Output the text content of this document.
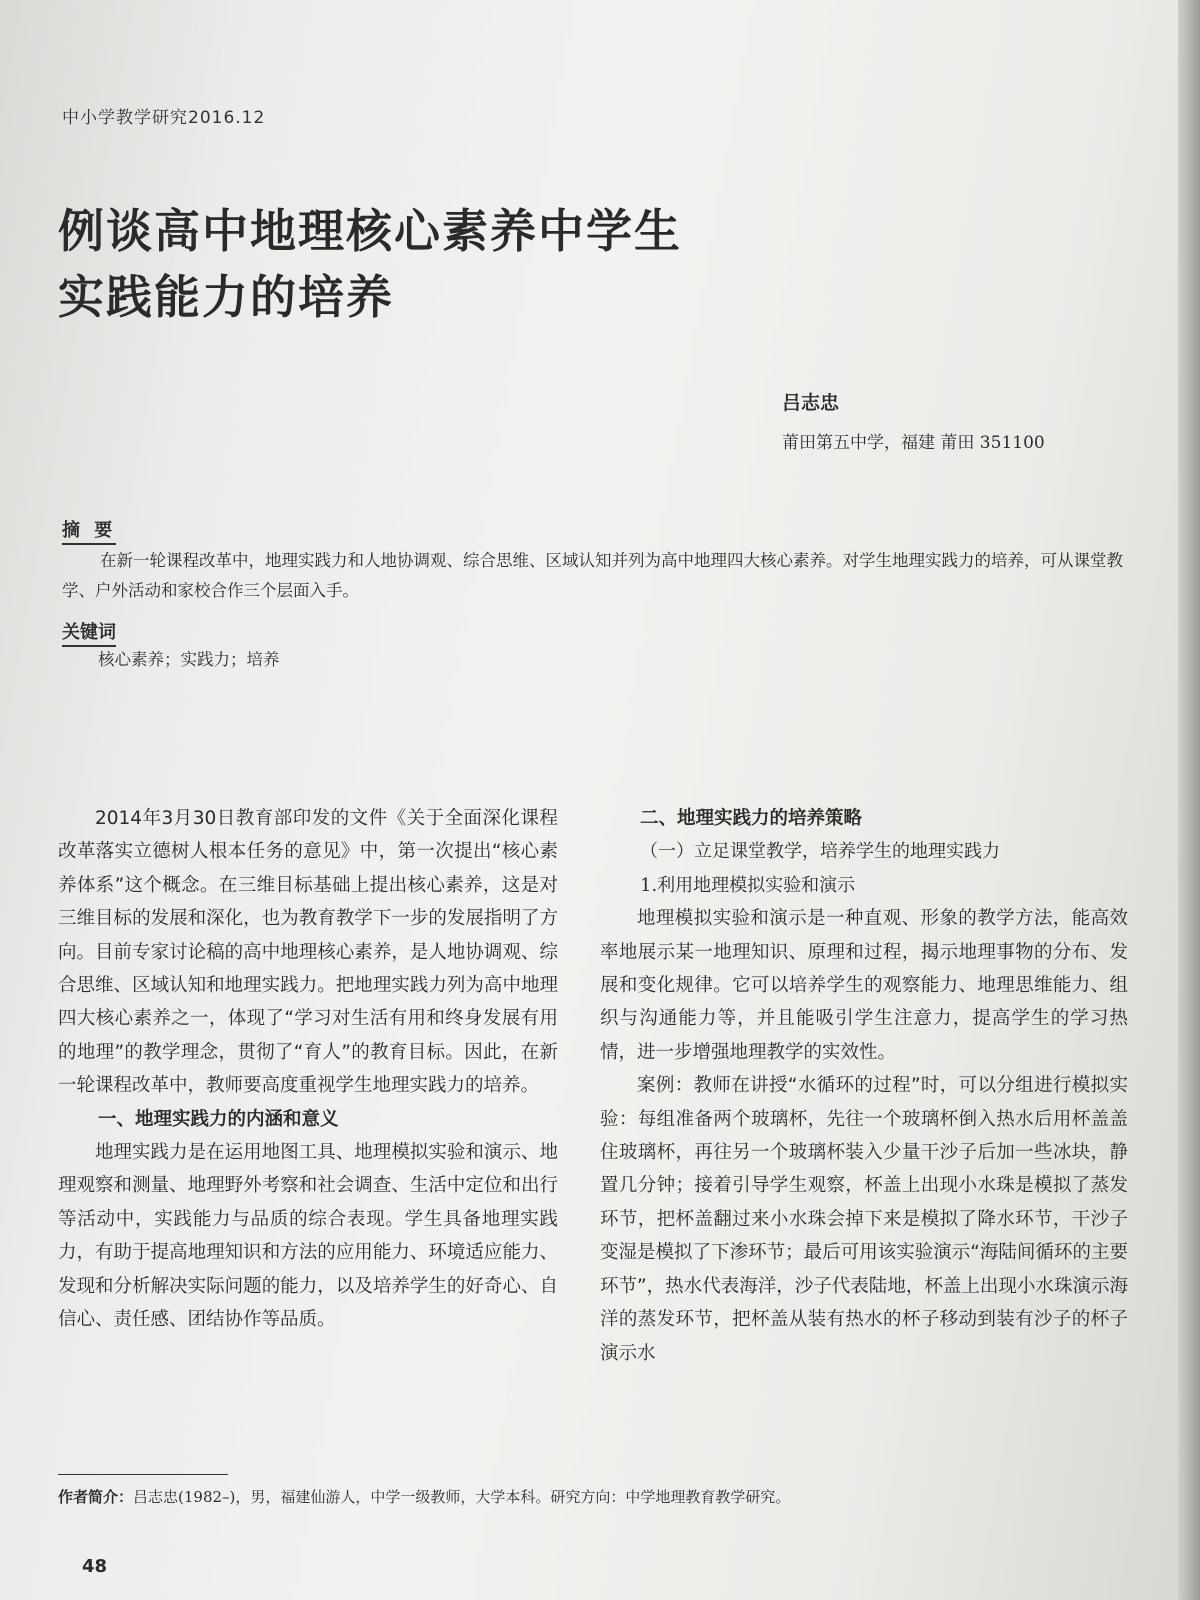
中小学教学研究2016.12
例谈高中地理核心素养中学生
实践能力的培养
吕志忠
莆田第五中学，福建 莆田 351100
摘 要
在新一轮课程改革中，地理实践力和人地协调观、综合思维、区域认知并列为高中地理四大核心素养。对学生地理实践力的培养，可从课堂教学、户外活动和家校合作三个层面入手。
关键词
核心素养；实践力；培养

2014年3月30日教育部印发的文件《关于全面深化课程改革落实立德树人根本任务的意见》中，第一次提出“核心素养体系”这个概念。在三维目标基础上提出核心素养，这是对三维目标的发展和深化，也为教育教学下一步的发展指明了方向。目前专家讨论稿的高中地理核心素养，是人地协调观、综合思维、区域认知和地理实践力。把地理实践力列为高中地理四大核心素养之一，体现了“学习对生活有用和终身发展有用的地理”的教学理念，贯彻了“育人”的教育目标。因此，在新一轮课程改革中，教师要高度重视学生地理实践力的培养。

一、地理实践力的内涵和意义

地理实践力是在运用地图工具、地理模拟实验和演示、地理观察和测量、地理野外考察和社会调查、生活中定位和出行等活动中，实践能力与品质的综合表现。学生具备地理实践力，有助于提高地理知识和方法的应用能力、环境适应能力、发现和分析解决实际问题的能力，以及培养学生的好奇心、自信心、责任感、团结协作等品质。

二、地理实践力的培养策略
（一）立足课堂教学，培养学生的地理实践力
1.利用地理模拟实验和演示

地理模拟实验和演示是一种直观、形象的教学方法，能高效率地展示某一地理知识、原理和过程，揭示地理事物的分布、发展和变化规律。它可以培养学生的观察能力、地理思维能力、组织与沟通能力等，并且能吸引学生注意力，提高学生的学习热情，进一步增强地理教学的实效性。

案例：教师在讲授“水循环的过程”时，可以分组进行模拟实验：每组准备两个玻璃杯，先往一个玻璃杯倒入热水后用杯盖盖住玻璃杯，再往另一个玻璃杯装入少量干沙子后加一些冰块，静置几分钟；接着引导学生观察，杯盖上出现小水珠是模拟了蒸发环节，把杯盖翻过来小水珠会掉下来是模拟了降水环节，干沙子变湿是模拟了下渗环节；最后可用该实验演示“海陆间循环的主要环节”，热水代表海洋，沙子代表陆地，杯盖上出现小水珠演示海洋的蒸发环节，把杯盖从装有热水的杯子移动到装有沙子的杯子演示水

作者简介：吕志忠(1982–)，男，福建仙游人，中学一级教师，大学本科。研究方向：中学地理教育教学研究。
48
